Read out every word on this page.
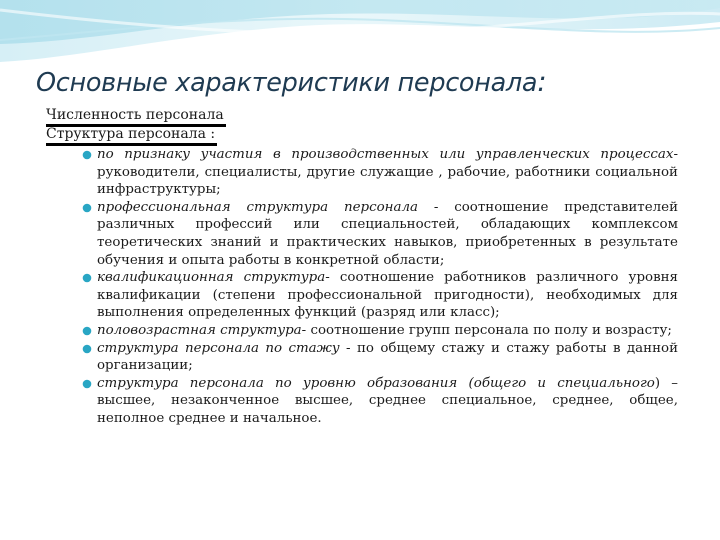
Основные характеристики персонала:
Численность персонала
Структура персонала :
по признаку участия в производственных или управленческих процессах- руководители, специалисты, другие служащие , рабочие, работники социальной инфраструктуры;
профессиональная структура персонала - соотношение представителей различных профессий или специальностей, обладающих комплексом теоретических знаний и практических навыков, приобретенных в результате обучения и опыта работы в конкретной области;
квалификационная структура- соотношение работников различного уровня квалификации (степени профессиональной пригодности), необходимых для выполнения определенных функций (разряд или класс);
половозрастная структура- соотношение групп персонала по полу и возрасту;
структура персонала по стажу - по общему стажу и стажу работы в данной организации;
структура персонала по уровню образования (общего и специального) – высшее, незаконченное высшее, среднее специальное, среднее, общее, неполное среднее и начальное.
